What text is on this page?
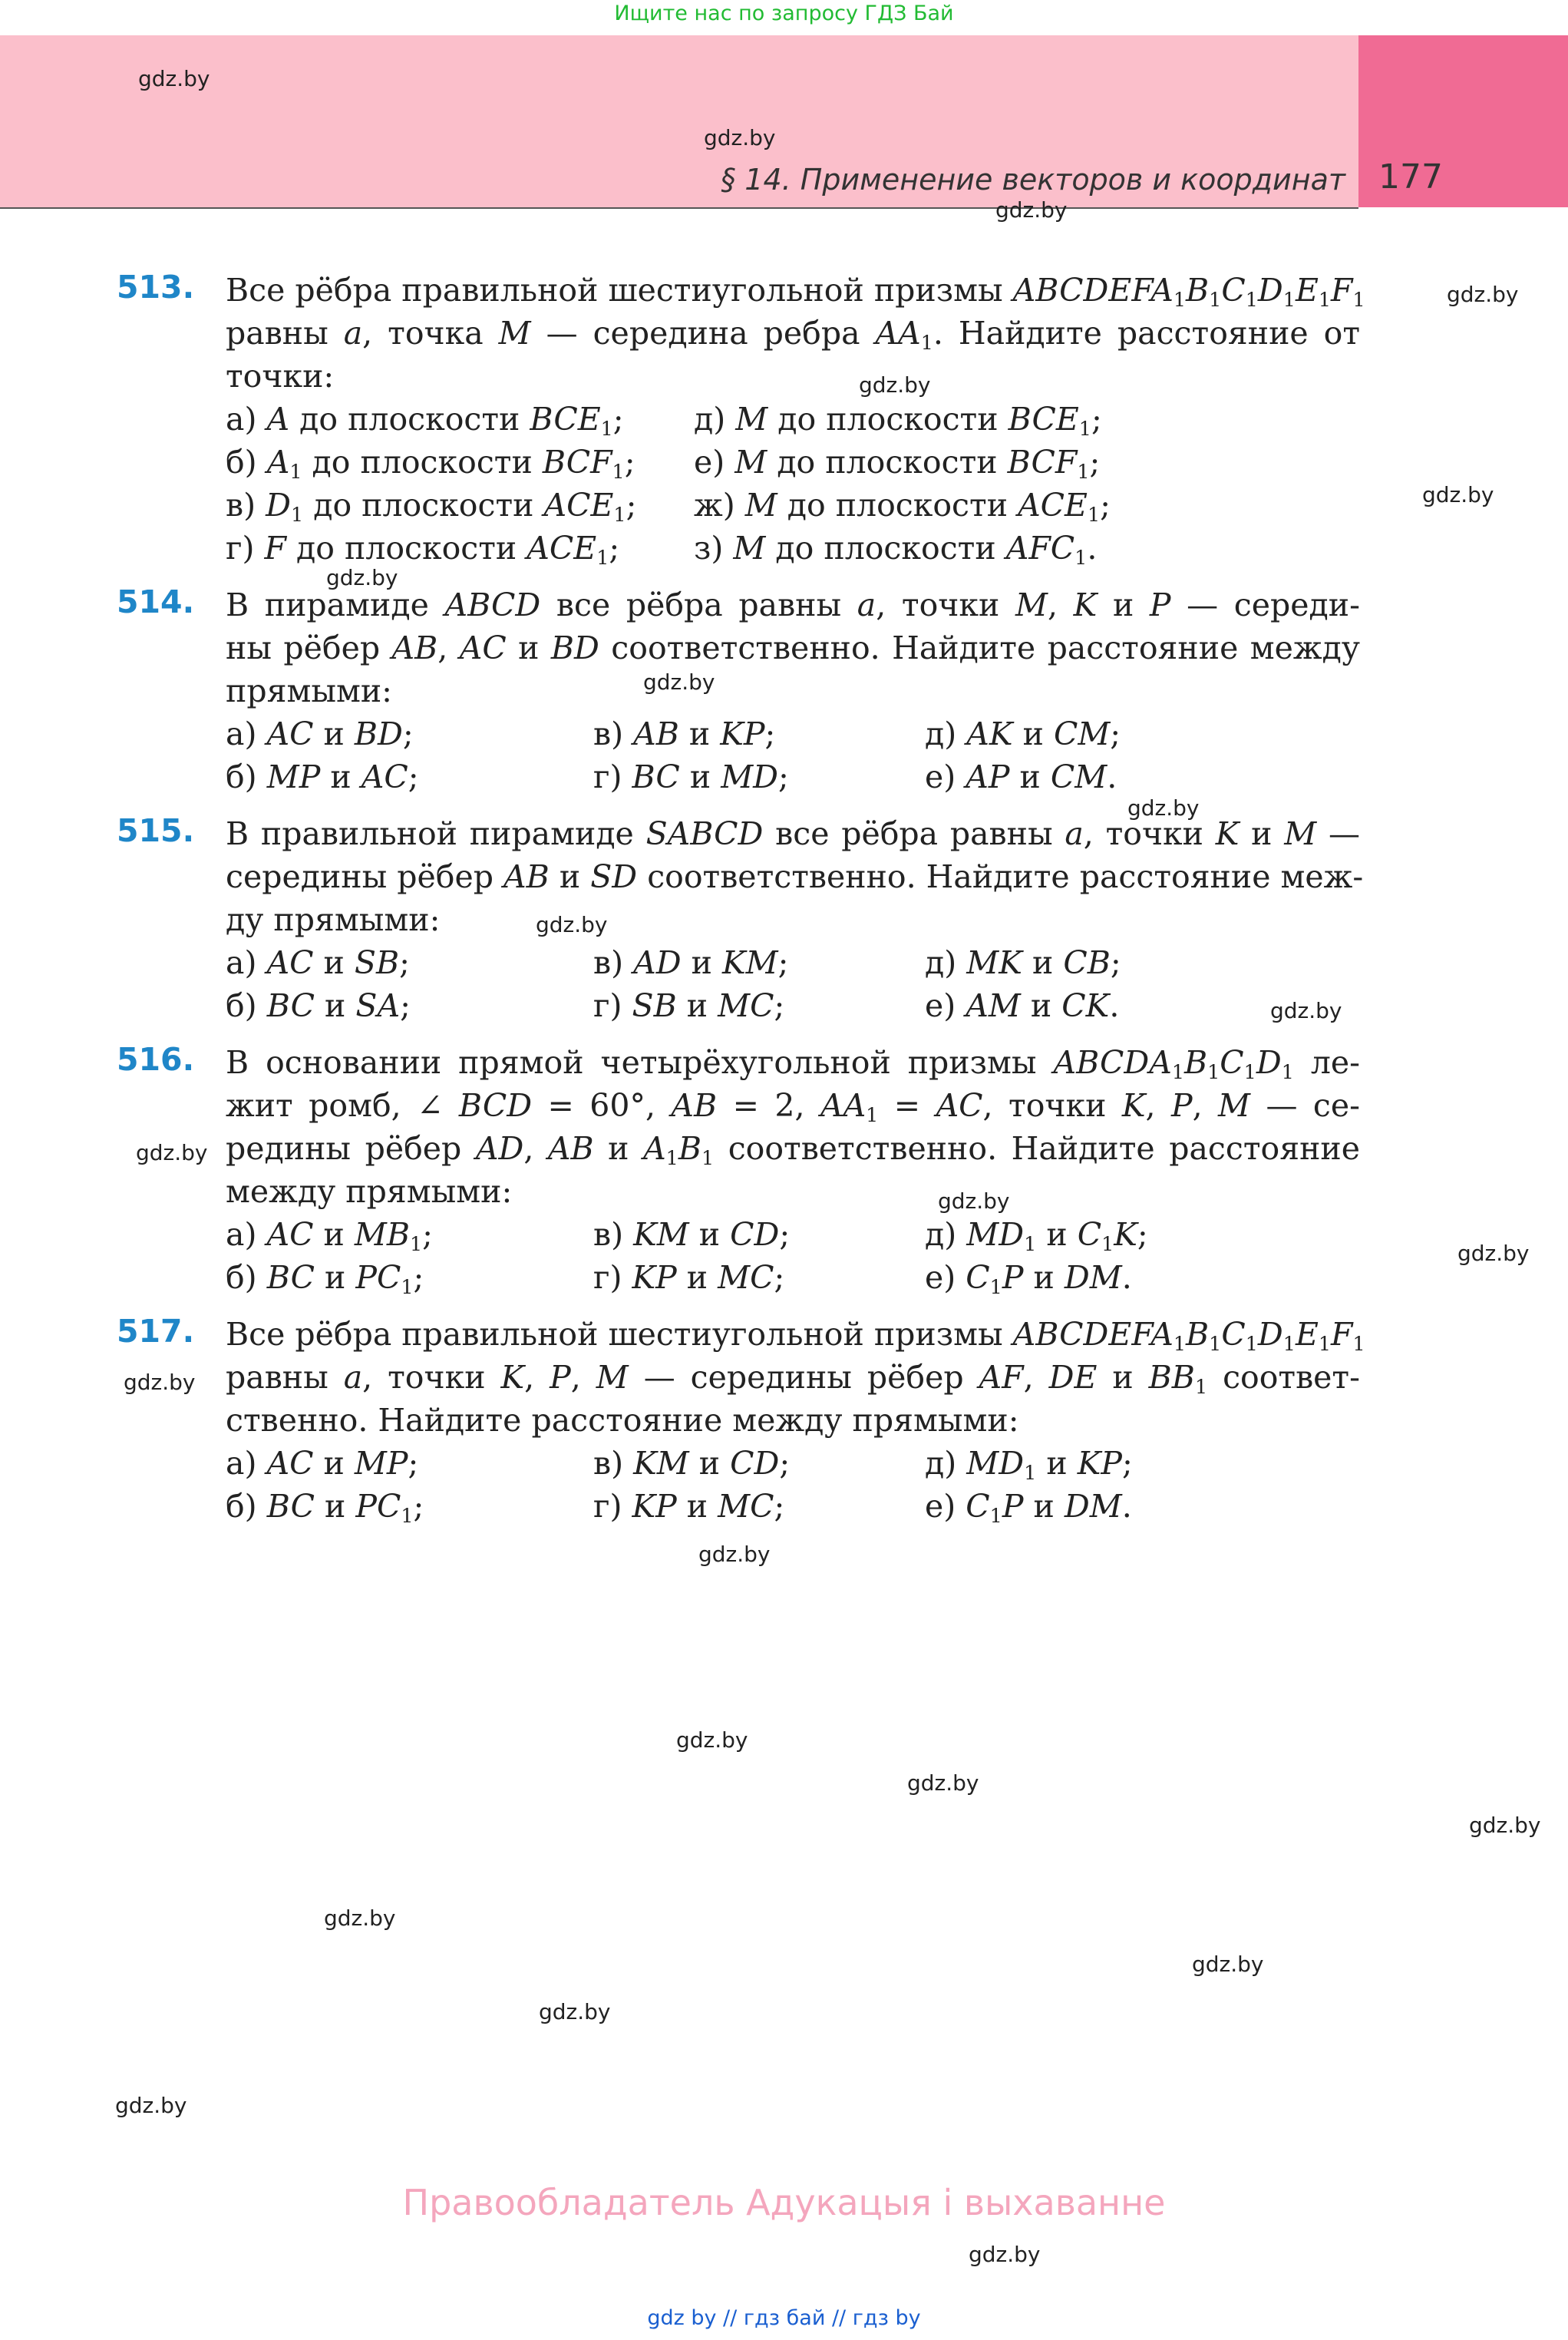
Ищите нас по запросу ГДЗ Бай
§ 14. Применение векторов и координат 177
gdz.by
gdz.by
gdz.by
gdz.by
gdz.by
gdz.by
gdz.by
gdz.by
gdz.by
gdz.by
gdz.by
gdz.by
gdz.by
gdz.by
gdz.by
gdz.by
gdz.by
gdz.by
gdz.by
gdz.by
gdz.by
gdz.by
gdz.by
gdz.by
513. Все рёбра правильной шестиугольной призмы $ABCDEFA_1B_1C_1D_1E_1F_1$
равны a, точка M — середина ребра $AA_1$. Найдите расстояние от
точки:
а) A до плоскости $BCE_1$;
б) $A_1$ до плоскости $BCF_1$;
в) $D_1$ до плоскости $ACE_1$;
г) F до плоскости $ACE_1$;
д) M до плоскости $BCE_1$;
е) M до плоскости $BCF_1$;
ж) M до плоскости $ACE_1$;
з) M до плоскости $AFC_1$.
514. В пирамиде ABCD все рёбра равны a, точки M, K и P — середи-
ны рёбер AB, AC и BD соответственно. Найдите расстояние между
прямыми:
а) AC и BD;
б) MP и AC;
в) AB и KP;
г) BC и MD;
д) AK и CM;
е) AP и CM.
515. В правильной пирамиде SABCD все рёбра равны a, точки K и M —
середины рёбер AB и SD соответственно. Найдите расстояние меж-
ду прямыми:
а) AC и SB;
б) BC и SA;
в) AD и KM;
г) SB и MC;
д) MK и CB;
е) AM и CK.
516. В основании прямой четырёхугольной призмы $ABCDA_1B_1C_1D_1$ ле-
жит ромб, ∠ BCD = 60°, AB = 2, $AA_1$ = AC, точки K, P, M — се-
редины рёбер AD, AB и $A_1B_1$ соответственно. Найдите расстояние
между прямыми:
а) AC и $MB_1$;
б) BC и $PC_1$;
в) KM и CD;
г) KP и MC;
д) $MD_1$ и $C_1K$;
е) $C_1P$ и DM.
517. Все рёбра правильной шестиугольной призмы $ABCDEFA_1B_1C_1D_1E_1F_1$
равны a, точки K, P, M — середины рёбер AF, DE и $BB_1$ соответ-
ственно. Найдите расстояние между прямыми:
а) AC и MP;
б) BC и $PC_1$;
в) KM и CD;
г) KP и MC;
д) $MD_1$ и KP;
е) $C_1P$ и DM.
Правообладатель Адукацыя і выхаванне
gdz by // гдз бай // гдз by
